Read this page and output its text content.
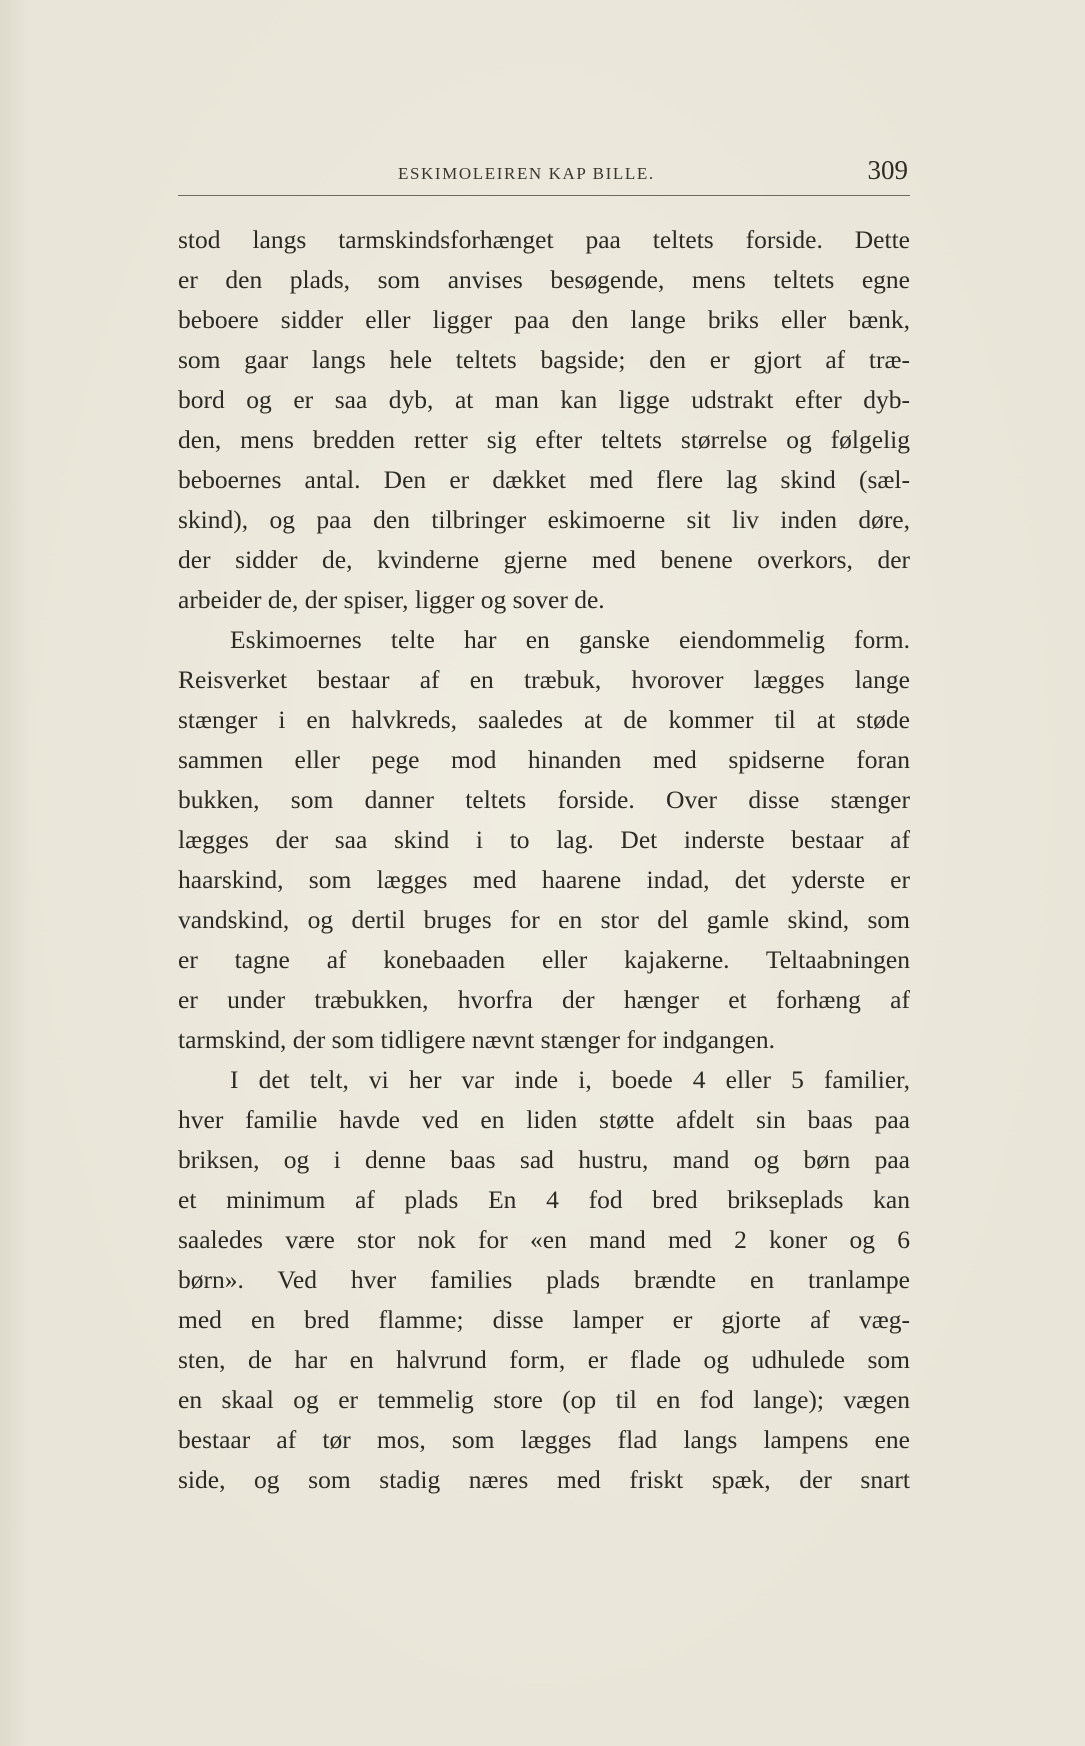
ESKIMOLEIREN KAP BILLE.	309
stod langs tarmskindsforhænget paa teltets forside. Dette
er den plads, som anvises besøgende, mens teltets egne
beboere sidder eller ligger paa den lange briks eller bænk,
som gaar langs hele teltets bagside; den er gjort af træ-
bord og er saa dyb, at man kan ligge udstrakt efter dyb-
den, mens bredden retter sig efter teltets størrelse og følgelig
beboernes antal. Den er dækket med flere lag skind (sæl-
skind), og paa den tilbringer eskimoerne sit liv inden døre,
der sidder de, kvinderne gjerne med benene overkors, der
arbeider de, der spiser, ligger og sover de.
Eskimoernes telte har en ganske eiendommelig form.
Reisverket bestaar af en træbuk, hvorover lægges lange
stænger i en halvkreds, saaledes at de kommer til at støde
sammen eller pege mod hinanden med spidserne foran
bukken, som danner teltets forside. Over disse stænger
lægges der saa skind i to lag. Det inderste bestaar af
haarskind, som lægges med haarene indad, det yderste er
vandskind, og dertil bruges for en stor del gamle skind, som
er tagne af konebaaden eller kajakerne. Teltaabningen
er under træbukken, hvorfra der hænger et forhæng af
tarmskind, der som tidligere nævnt stænger for indgangen.
I det telt, vi her var inde i, boede 4 eller 5 familier,
hver familie havde ved en liden støtte afdelt sin baas paa
briksen, og i denne baas sad hustru, mand og børn paa
et minimum af plads En 4 fod bred briksеplads kan
saaledes være stor nok for «en mand med 2 koner og 6
børn». Ved hver families plads brændte en tranlampe
med en bred flamme; disse lamper er gjorte af væg-
sten, de har en halvrund form, er flade og udhulede som
en skaal og er temmelig store (op til en fod lange); vægen
bestaar af tør mos, som lægges flad langs lampens ene
side, og som stadig næres med friskt spæk, der snart
